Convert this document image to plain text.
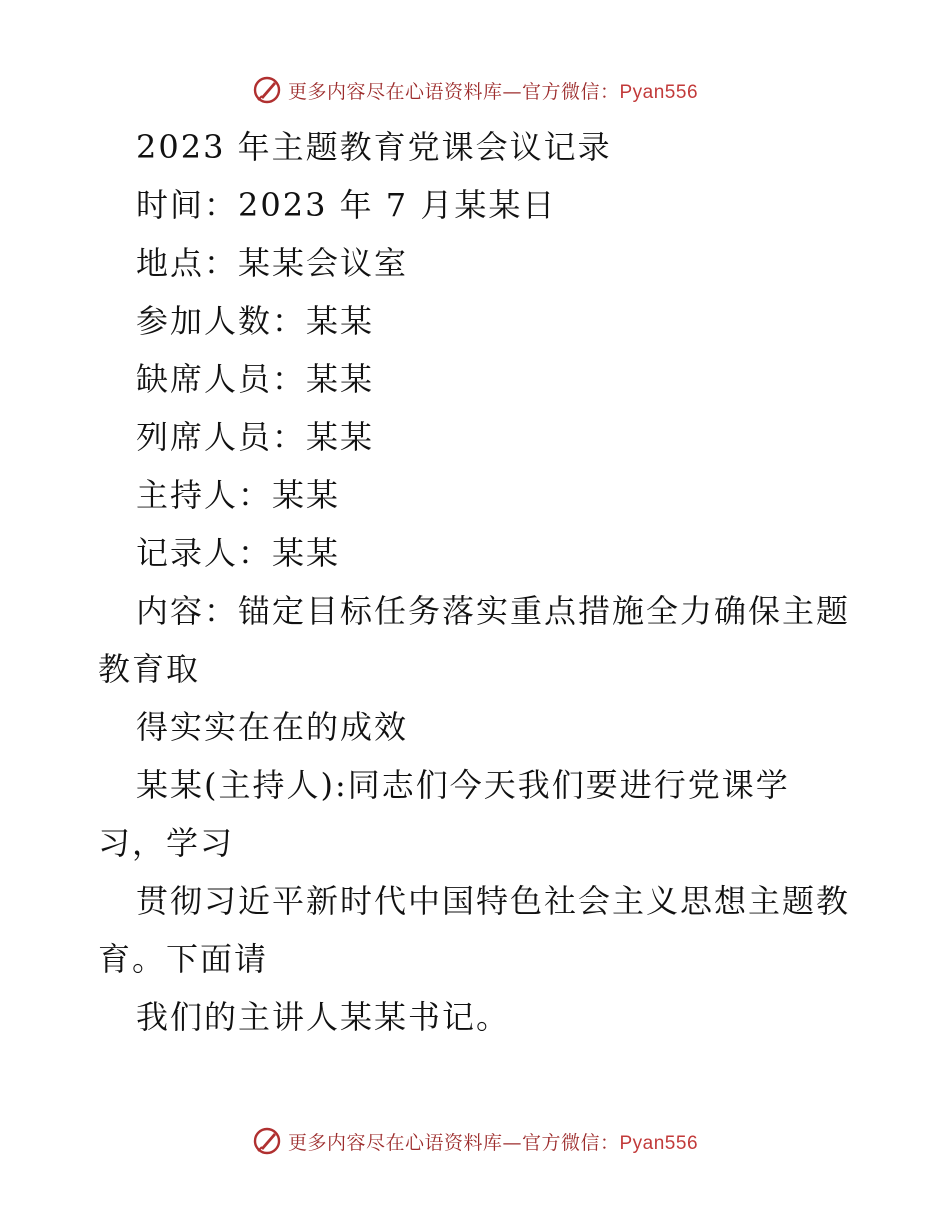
更多内容尽在心语资料库—官方微信：Pyan556
2023 年主题教育党课会议记录
时间：2023 年 7 月某某日
地点：某某会议室
参加人数：某某
缺席人员：某某
列席人员：某某
主持人：某某
记录人：某某
内容：锚定目标任务落实重点措施全力确保主题
教育取
得实实在在的成效
某某(主持人):同志们今天我们要进行党课学
习，学习
贯彻习近平新时代中国特色社会主义思想主题教
育。下面请
我们的主讲人某某书记。
更多内容尽在心语资料库—官方微信：Pyan556
